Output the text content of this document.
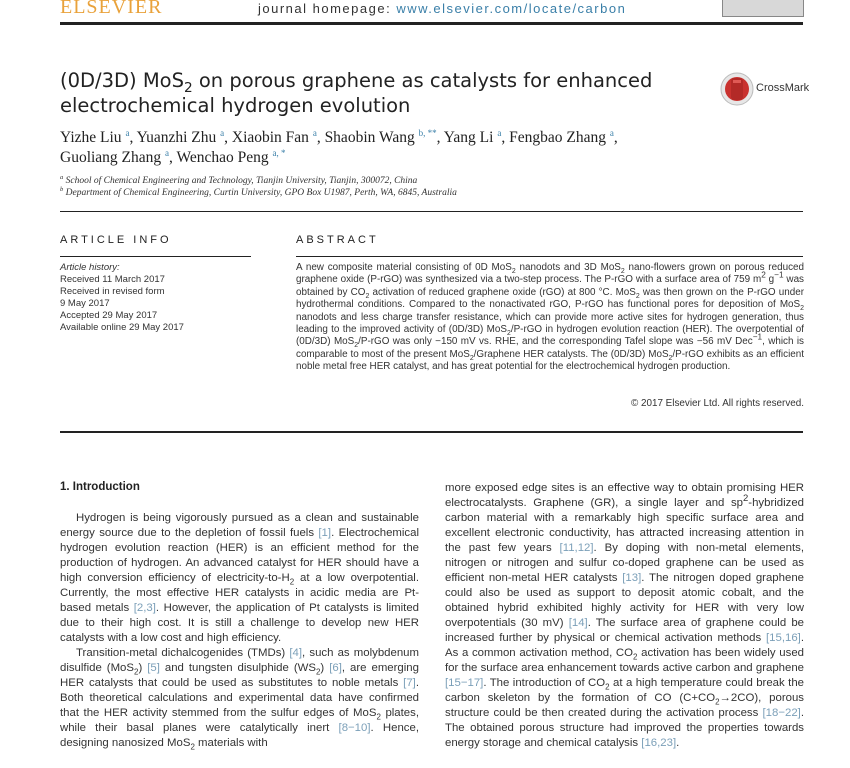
ELSEVIER	journal homepage: www.elsevier.com/locate/carbon
(0D/3D) MoS$_2$ on porous graphene as catalysts for enhanced electrochemical hydrogen evolution
CrossMark
Yizhe Liu $^a$, Yuanzhi Zhu $^a$, Xiaobin Fan $^a$, Shaobin Wang $^{b, **}$, Yang Li $^a$, Fengbao Zhang $^a$,
Guoliang Zhang $^a$, Wenchao Peng $^{a, *}$
$^a$ School of Chemical Engineering and Technology, Tianjin University, Tianjin, 300072, China
$^b$ Department of Chemical Engineering, Curtin University, GPO Box U1987, Perth, WA, 6845, Australia
ARTICLE INFO
Article history:
Received 11 March 2017
Received in revised form
9 May 2017
Accepted 29 May 2017
Available online 29 May 2017
ABSTRACT
A new composite material consisting of 0D MoS$_2$ nanodots and 3D MoS$_2$ nano-flowers grown on porous reduced graphene oxide (P-rGO) was synthesized via a two-step process. The P-rGO with a surface area of 759 $m^2$ $g^{-1}$ was obtained by $CO_2$ activation of reduced graphene oxide (rGO) at 800 °C. MoS$_2$ was then grown on the P-rGO under hydrothermal conditions. Compared to the nonactivated rGO, P-rGO has functional pores for deposition of MoS$_2$ nanodots and less charge transfer resistance, which can provide more active sites for hydrogen generation, thus leading to the improved activity of (0D/3D) MoS$_2$/P-rGO in hydrogen evolution reaction (HER). The overpotential of (0D/3D) MoS$_2$/P-rGO was only −150 mV vs. RHE, and the corresponding Tafel slope was −56 mV Dec$^{-1}$, which is comparable to most of the present MoS$_2$/Graphene HER catalysts. The (0D/3D) MoS$_2$/P-rGO exhibits as an efficient noble metal free HER catalyst, and has great potential for the electrochemical hydrogen production.
© 2017 Elsevier Ltd. All rights reserved.
1. Introduction

Hydrogen is being vigorously pursued as a clean and sustainable energy source due to the depletion of fossil fuels [1]. Electrochemical hydrogen evolution reaction (HER) is an efficient method for the production of hydrogen. An advanced catalyst for HER should have a high conversion efficiency of electricity-$to-H_2$ at a low overpotential. Currently, the most effective HER catalysts in acidic media are Pt-based metals [2,3]. However, the application of Pt catalysts is limited due to their high cost. It is still a challenge to develop new HER catalysts with a low cost and high efficiency.

Transition-metal dichalcogenides (TMDs) [4], such as molybdenum disulfide (MoS$_2$) [5] and tungsten disulphide $(WS_2)$ [6], are emerging HER catalysts that could be used as substitutes to noble metals [7]. Both theoretical calculations and experimental data have confirmed that the HER activity stemmed from the sulfur edges of MoS$_2$ plates, while their basal planes were catalytically inert [8−10]. Hence, designing nanosized MoS$_2$ materials with

more exposed edge sites is an effective way to obtain promising HER electrocatalysts. Graphene (GR), a single layer and $sp^2$-hybridized carbon material with a remarkably high specific surface area and excellent electronic conductivity, has attracted increasing attention in the past few years [11,12]. By doping with non-metal elements, nitrogen or nitrogen and sulfur co-doped graphene can be used as efficient non-metal HER catalysts [13]. The nitrogen doped graphene could also be used as support to deposit atomic cobalt, and the obtained hybrid exhibited highly activity for HER with very low overpotentials (30 mV) [14]. The surface area of graphene could be increased further by physical or chemical activation methods [15,16]. As a common activation method, $CO_2$ activation has been widely used for the surface area enhancement towards active carbon and graphene [15−17]. The introduction of $CO_2$ at a high temperature could break the carbon skeleton by the formation of CO $(C+CO_2\to 2CO)$, porous structure could be then created during the activation process [18−22]. The obtained porous structure had improved the properties towards energy storage and chemical catalysis [16,23].
